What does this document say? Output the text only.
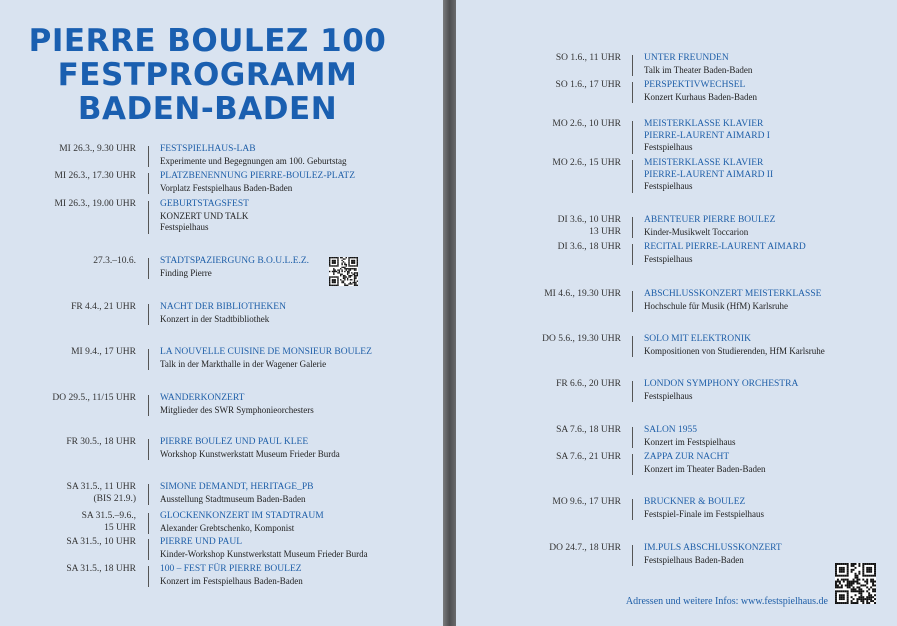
PIERRE BOULEZ 100
FESTPROGRAMM
BADEN-BADEN
MI 26.3., 9.30 UHR	FESTSPIELHAUS-LAB
Experimente und Begegnungen am 100. Geburtstag
MI 26.3., 17.30 UHR	PLATZBENENNUNG PIERRE-BOULEZ-PLATZ
Vorplatz Festspielhaus Baden-Baden
MI 26.3., 19.00 UHR	GEBURTSTAGSFEST
KONZERT UND TALK
Festspielhaus
27.3.–10.6.	STADTSPAZIERGUNG B.O.U.L.E.Z.
Finding Pierre
FR 4.4., 21 UHR	NACHT DER BIBLIOTHEKEN
Konzert in der Stadtbibliothek
MI 9.4., 17 UHR	LA NOUVELLE CUISINE DE MONSIEUR BOULEZ
Talk in der Markthalle in der Wagener Galerie
DO 29.5., 11/15 UHR	WANDERKONZERT
Mitglieder des SWR Symphonieorchesters
FR 30.5., 18 UHR	PIERRE BOULEZ UND PAUL KLEE
Workshop Kunstwerkstatt Museum Frieder Burda
SA 31.5., 11 UHR
(BIS 21.9.)
SIMONE DEMANDT, HERITAGE_PB
Ausstellung Stadtmuseum Baden-Baden
SA 31.5.–9.6.,
15 UHR
GLOCKENKONZERT IM STADTRAUM
Alexander Grebtschenko, Komponist
SA 31.5., 10 UHR	PIERRE UND PAUL
Kinder-Workshop Kunstwerkstatt Museum Frieder Burda
SA 31.5., 18 UHR	100 – FEST FÜR PIERRE BOULEZ
Konzert im Festspielhaus Baden-Baden
SO 1.6., 11 UHR UNTER FREUNDEN
Talk im Theater Baden-Baden
SO 1.6., 17 UHR PERSPEKTIVWECHSEL
Konzert Kurhaus Baden-Baden
MO 2.6., 10 UHR MEISTERKLASSE KLAVIER
PIERRE-LAURENT AIMARD I
Festspielhaus
MO 2.6., 15 UHR MEISTERKLASSE KLAVIER
PIERRE-LAURENT AIMARD II
Festspielhaus
DI 3.6., 10 UHR
13 UHR
ABENTEUER PIERRE BOULEZ
Kinder-Musikwelt Toccarion
DI 3.6., 18 UHR RECITAL PIERRE-LAURENT AIMARD
Festspielhaus
MI 4.6., 19.30 UHR ABSCHLUSSKONZERT MEISTERKLASSE
Hochschule für Musik (HfM) Karlsruhe
DO 5.6., 19.30 UHR SOLO MIT ELEKTRONIK
Kompositionen von Studierenden, HfM Karlsruhe
FR 6.6., 20 UHR LONDON SYMPHONY ORCHESTRA
Festspielhaus
SA 7.6., 18 UHR SALON 1955
Konzert im Festspielhaus
SA 7.6., 21 UHR ZAPPA ZUR NACHT
Konzert im Theater Baden-Baden
MO 9.6., 17 UHR BRUCKNER & BOULEZ
Festspiel-Finale im Festspielhaus
DO 24.7., 18 UHR IM.PULS ABSCHLUSSKONZERT
Festspielhaus Baden-Baden
Adressen und weitere Infos: www.festspielhaus.de
